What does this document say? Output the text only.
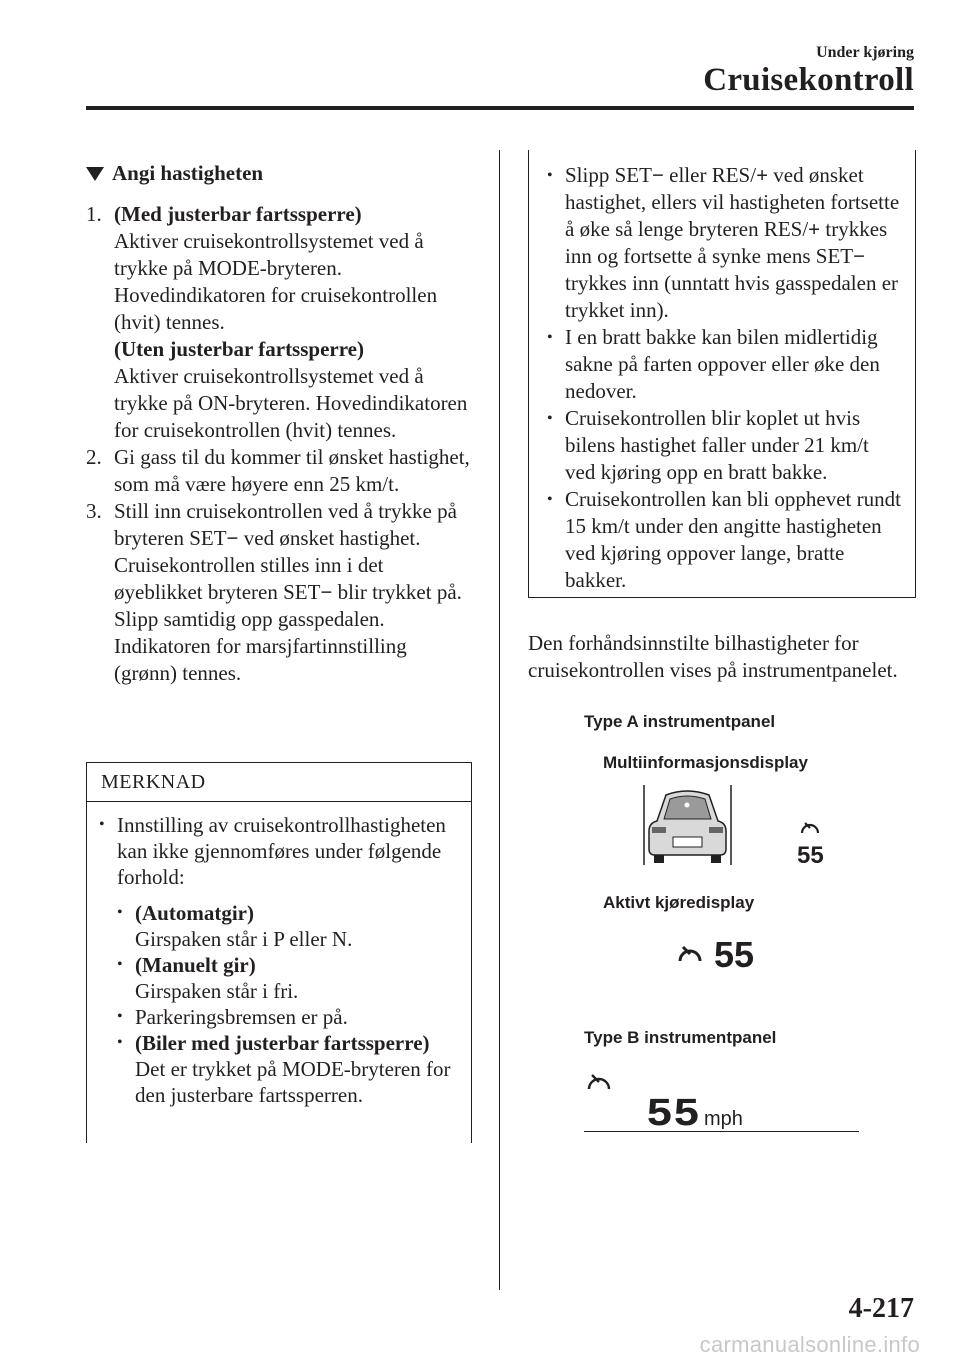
Under kjøring
Cruisekontroll
Angi hastigheten
1. (Med justerbar fartssperre)
Aktiver cruisekontrollsystemet ved å trykke på MODE-bryteren. Hovedindikatoren for cruisekontrollen (hvit) tennes.
(Uten justerbar fartssperre)
Aktiver cruisekontrollsystemet ved å trykke på ON-bryteren. Hovedindikatoren for cruisekontrollen (hvit) tennes.
2. Gi gass til du kommer til ønsket hastighet, som må være høyere enn 25 km/t.
3. Still inn cruisekontrollen ved å trykke på bryteren SET− ved ønsket hastighet. Cruisekontrollen stilles inn i det øyeblikket bryteren SET− blir trykket på. Slipp samtidig opp gasspedalen. Indikatoren for marsjfartinnstilling (grønn) tennes.
MERKNAD
• Innstilling av cruisekontrollhastigheten kan ikke gjennomføres under følgende forhold:
• (Automatgir)
Girspaken står i P eller N.
• (Manuelt gir)
Girspaken står i fri.
• Parkeringsbremsen er på.
• (Biler med justerbar fartssperre)
Det er trykket på MODE-bryteren for den justerbare fartssperren.
• Slipp SET− eller RES/+ ved ønsket hastighet, ellers vil hastigheten fortsette å øke så lenge bryteren RES/+ trykkes inn og fortsette å synke mens SET− trykkes inn (unntatt hvis gasspedalen er trykket inn).
• I en bratt bakke kan bilen midlertidig sakne på farten oppover eller øke den nedover.
• Cruisekontrollen blir koplet ut hvis bilens hastighet faller under 21 km/t ved kjøring opp en bratt bakke.
• Cruisekontrollen kan bli opphevet rundt 15 km/t under den angitte hastigheten ved kjøring oppover lange, bratte bakker.
Den forhåndsinnstilte bilhastigheter for cruisekontrollen vises på instrumentpanelet.
Type A instrumentpanel
Multiinformasjonsdisplay
55
Aktivt kjøredisplay
55
Type B instrumentpanel
55 mph
4-217
carmanualsonline.info
